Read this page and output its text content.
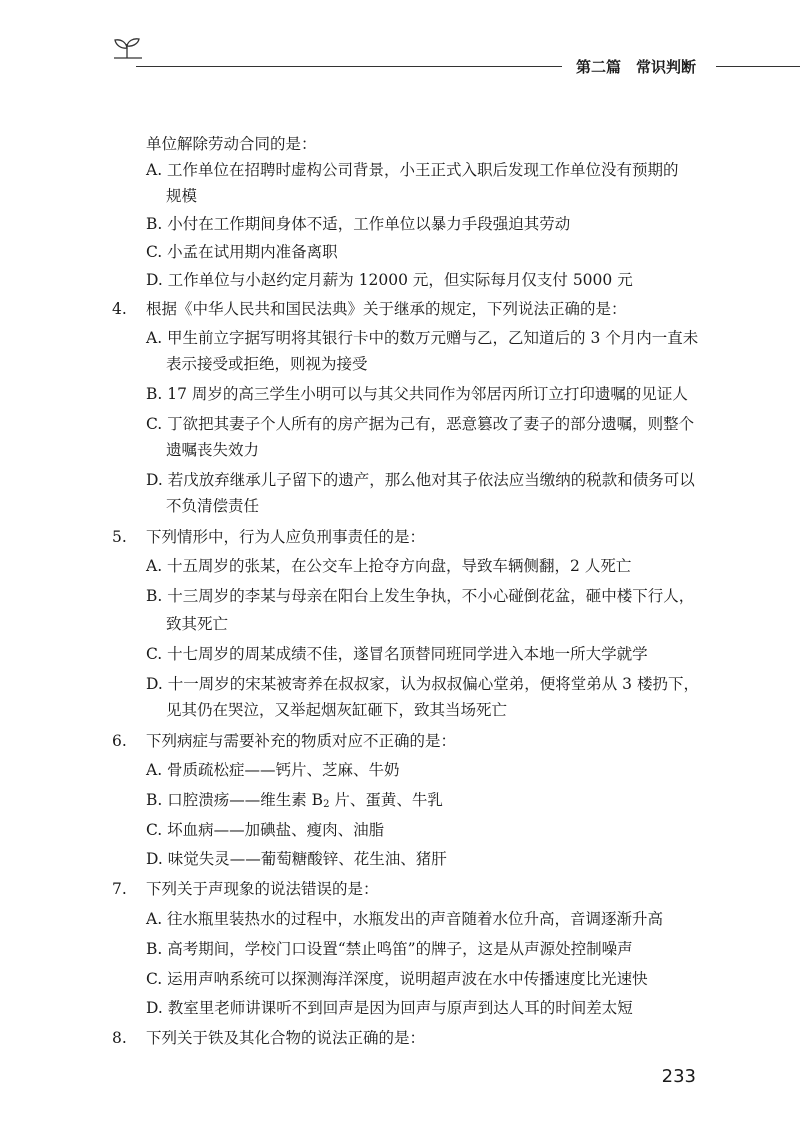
第二篇　常识判断
单位解除劳动合同的是：
A. 工作单位在招聘时虚构公司背景，小王正式入职后发现工作单位没有预期的
规模
B. 小付在工作期间身体不适，工作单位以暴力手段强迫其劳动
C. 小孟在试用期内准备离职
D. 工作单位与小赵约定月薪为 12000 元，但实际每月仅支付 5000 元
4. 根据《中华人民共和国民法典》关于继承的规定，下列说法正确的是：
A. 甲生前立字据写明将其银行卡中的数万元赠与乙，乙知道后的 3 个月内一直未
表示接受或拒绝，则视为接受
B. 17 周岁的高三学生小明可以与其父共同作为邻居丙所订立打印遗嘱的见证人
C. 丁欲把其妻子个人所有的房产据为己有，恶意篡改了妻子的部分遗嘱，则整个
遗嘱丧失效力
D. 若戊放弃继承儿子留下的遗产，那么他对其子依法应当缴纳的税款和债务可以
不负清偿责任
5. 下列情形中，行为人应负刑事责任的是：
A. 十五周岁的张某，在公交车上抢夺方向盘，导致车辆侧翻，2 人死亡
B. 十三周岁的李某与母亲在阳台上发生争执，不小心碰倒花盆，砸中楼下行人，
致其死亡
C. 十七周岁的周某成绩不佳，遂冒名顶替同班同学进入本地一所大学就学
D. 十一周岁的宋某被寄养在叔叔家，认为叔叔偏心堂弟，便将堂弟从 3 楼扔下，
见其仍在哭泣，又举起烟灰缸砸下，致其当场死亡
6. 下列病症与需要补充的物质对应不正确的是：
A. 骨质疏松症——钙片、芝麻、牛奶
B. 口腔溃疡——维生素 $B_2$ 片、蛋黄、牛乳
C. 坏血病——加碘盐、瘦肉、油脂
D. 味觉失灵——葡萄糖酸锌、花生油、猪肝
7. 下列关于声现象的说法错误的是：
A. 往水瓶里装热水的过程中，水瓶发出的声音随着水位升高，音调逐渐升高
B. 高考期间，学校门口设置“禁止鸣笛”的牌子，这是从声源处控制噪声
C. 运用声呐系统可以探测海洋深度，说明超声波在水中传播速度比光速快
D. 教室里老师讲课听不到回声是因为回声与原声到达人耳的时间差太短
8. 下列关于铁及其化合物的说法正确的是：
233
